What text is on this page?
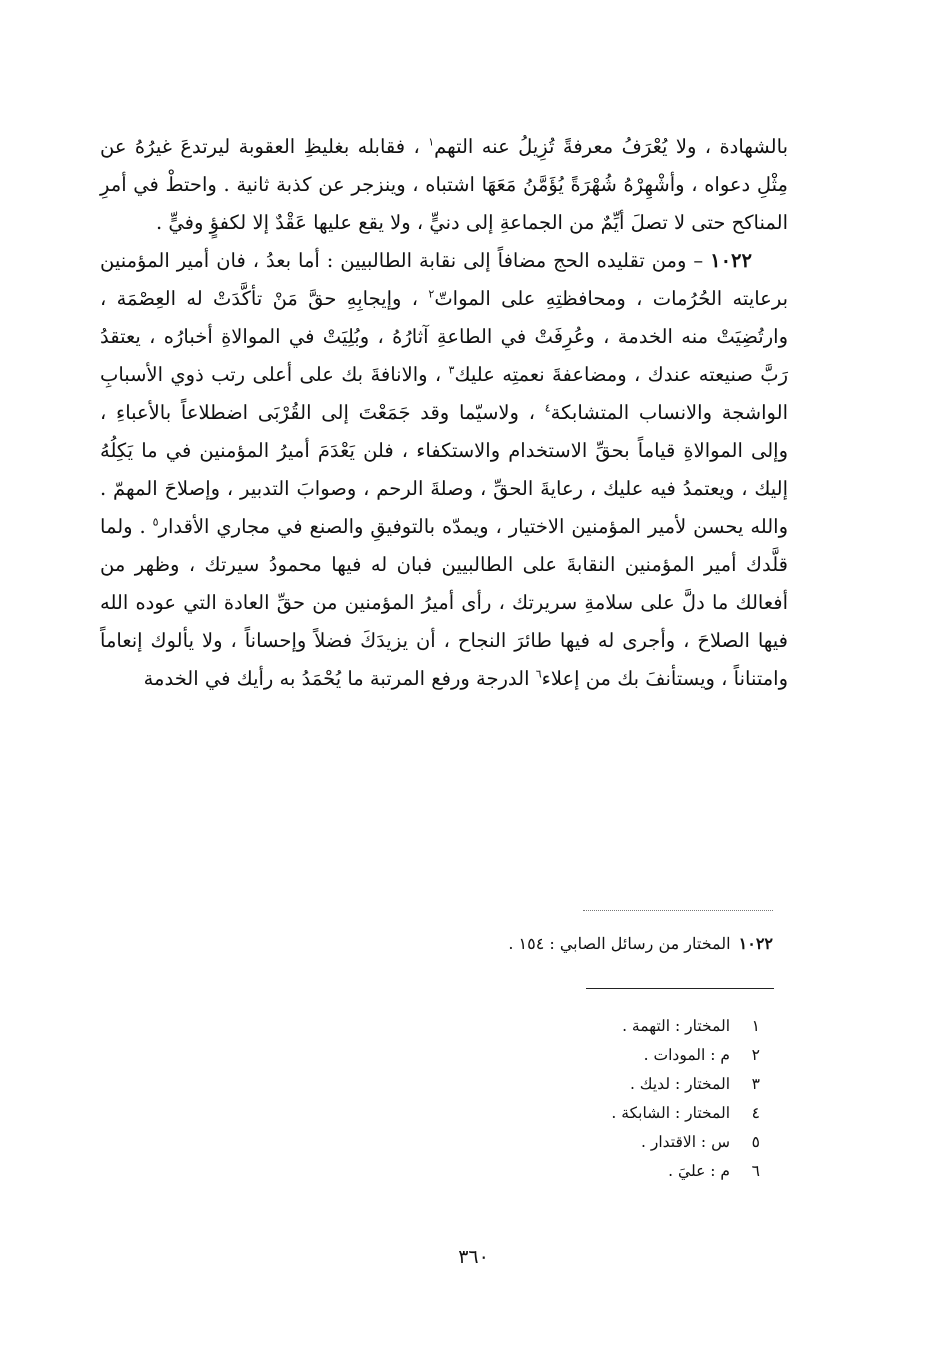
بالشهادة ، ولا يُعْرَفُ معرفةً تُزِيلُ عنه التهم$^١$ ، فقابله بغليظِ العقوبة ليرتدعَ غيرُهُ عن مِثْلِ دعواه ، وأشْهِرْهُ شُهْرَةً يُؤَمَّنُ مَعَهَا اشتباه ، وينزجر عن كذبة ثانية . واحتطْ في أمرِ المناكح حتى لا تصلَ أيِّمٌ من الجماعةِ إلى دنيٍّ ، ولا يقع عليها عَقْدٌ إلا لكفؤٍ وفيٍّ .

١٠٢٢ – ومن تقليده الحج مضافاً إلى نقابة الطالبيين : أما بعدُ ، فان أمير المؤمنين برعايته الحُرُمات ، ومحافظتِهِ على المواتّ$^٢$ ، وإيجابِهِ حقَّ مَنْ تأكَّدَتْ له العِصْمَة ، وارتُضِيَتْ منه الخدمة ، وعُرِفَتْ في الطاعةِ آثارُهُ ، وبُلِيَتْ في الموالاةِ أخبارُه ، يعتقدُ رَبَّ صنيعته عندك ، ومضاعفةَ نعمتِه عليك$^٣$ ، والانافةَ بك على أعلى رتب ذوي الأسبابِ الواشجة والانساب المتشابكة$^٤$ ، ولاسيّما وقد جَمَعْتَ إلى القُرْبَى اضطلاعاً بالأعباءِ ، وإلى الموالاةِ قياماً بحقِّ الاستخدام والاستكفاء ، فلن يَعْدَمَ أميرُ المؤمنين في ما يَكِلُهُ إليك ، ويعتمدُ فيه عليك ، رعايةَ الحقِّ ، وصلةَ الرحم ، وصوابَ التدبير ، وإصلاحَ المهمّ . والله يحسن لأمير المؤمنين الاختيار ، ويمدّه بالتوفيقِ والصنع في مجاري الأقدار$^٥$ . ولما قلَّدك أمير المؤمنين النقابةَ على الطالبيين فبان له فيها محمودُ سيرتك ، وظهر من أفعالك ما دلَّ على سلامةِ سريرتك ، رأى أميرُ المؤمنين من حقِّ العادة التي عوده الله فيها الصلاحَ ، وأجرى له فيها طائرَ النجاح ، أن يزيدَكَ فضلاً وإحساناً ، ولا يألوك إنعاماً وامتناناً ، ويستأنفَ بك من إعلاء$^٦$ الدرجة ورفع المرتبة ما يُحْمَدُ به رأيك في الخدمة

١٠٢٢المختار من رسائل الصابي : ١٥٤ .
١المختار : التهمة .
٢م : المودات .
٣المختار : لديك .
٤المختار : الشابكة .
٥س : الاقتدار .
٦م : عليَ .
٣٦٠
